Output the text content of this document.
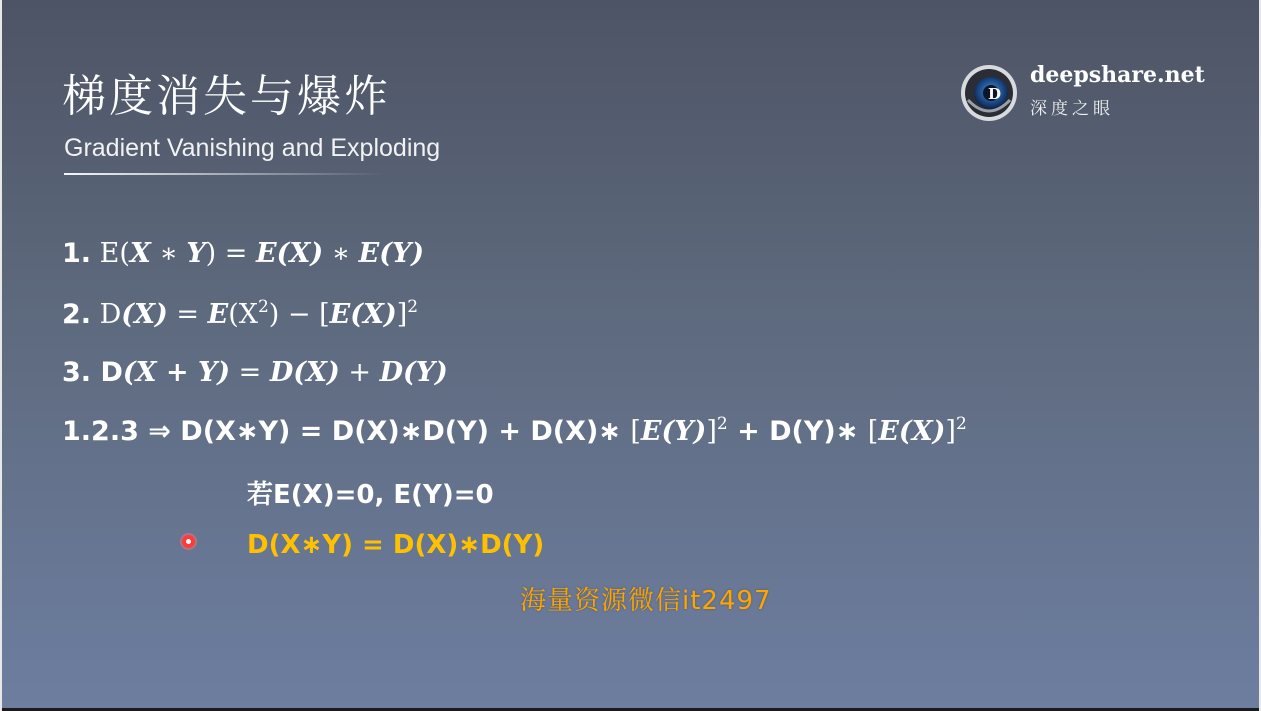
梯度消失与爆炸
Gradient Vanishing and Exploding
D
deepshare.net
深度之眼
1. E(X ∗ Y) = E(X) ∗ E(Y)
2. $D(X) = E(X^2) - [E(X)]^2$
3. D(X + Y) = D(X) + D(Y)
1.2.3 ⇒ D(X∗Y) = D(X)∗D(Y) + D(X)∗ $[E(Y)]^2$ + D(Y)∗ $[E(X)]^2$
若E(X)=0, E(Y)=0
D(X∗Y) = D(X)∗D(Y)
海量资源微信it2497
